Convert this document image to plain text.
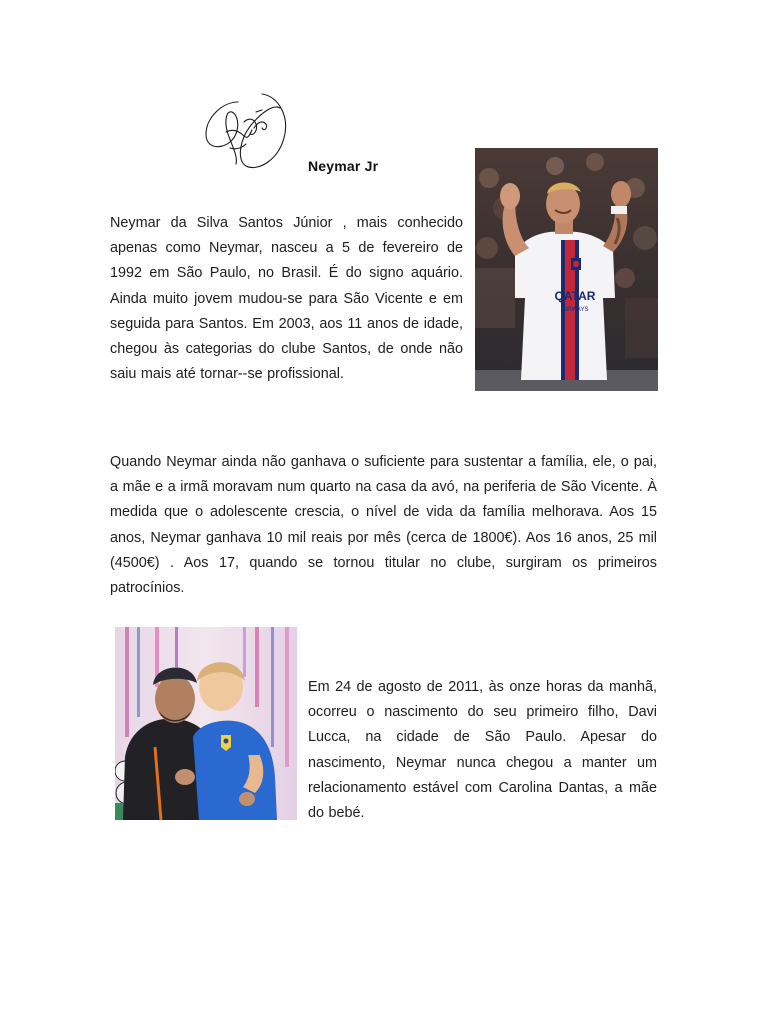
Neymar Jr

Neymar da Silva Santos Júnior , mais conhecido apenas como Neymar, nasceu a 5 de fevereiro de 1992 em São Paulo, no Brasil. É do signo aquário. Ainda muito jovem mudou-se para São Vicente e em seguida para Santos. Em 2003, aos 11 anos de idade, chegou às categorias do clube Santos, de onde não saiu mais até tornar--se profissional.

QATAR
AIRWAYS

Quando Neymar ainda não ganhava o suficiente para sustentar a família, ele, o pai, a mãe e a irmã moravam num quarto na casa da avó, na periferia de São Vicente. À medida que o adolescente crescia, o nível de vida da família melhorava. Aos 15 anos, Neymar ganhava 10 mil reais por mês (cerca de 1800€). Aos 16 anos, 25 mil (4500€) . Aos 17, quando se tornou titular no clube, surgiram os primeiros patrocínios.

Em 24 de agosto de 2011, às onze horas da manhã, ocorreu o nascimento do seu primeiro filho, Davi Lucca, na cidade de São Paulo. Apesar do nascimento, Neymar nunca chegou a manter um relacionamento estável com Carolina Dantas, a mãe do bebé.
